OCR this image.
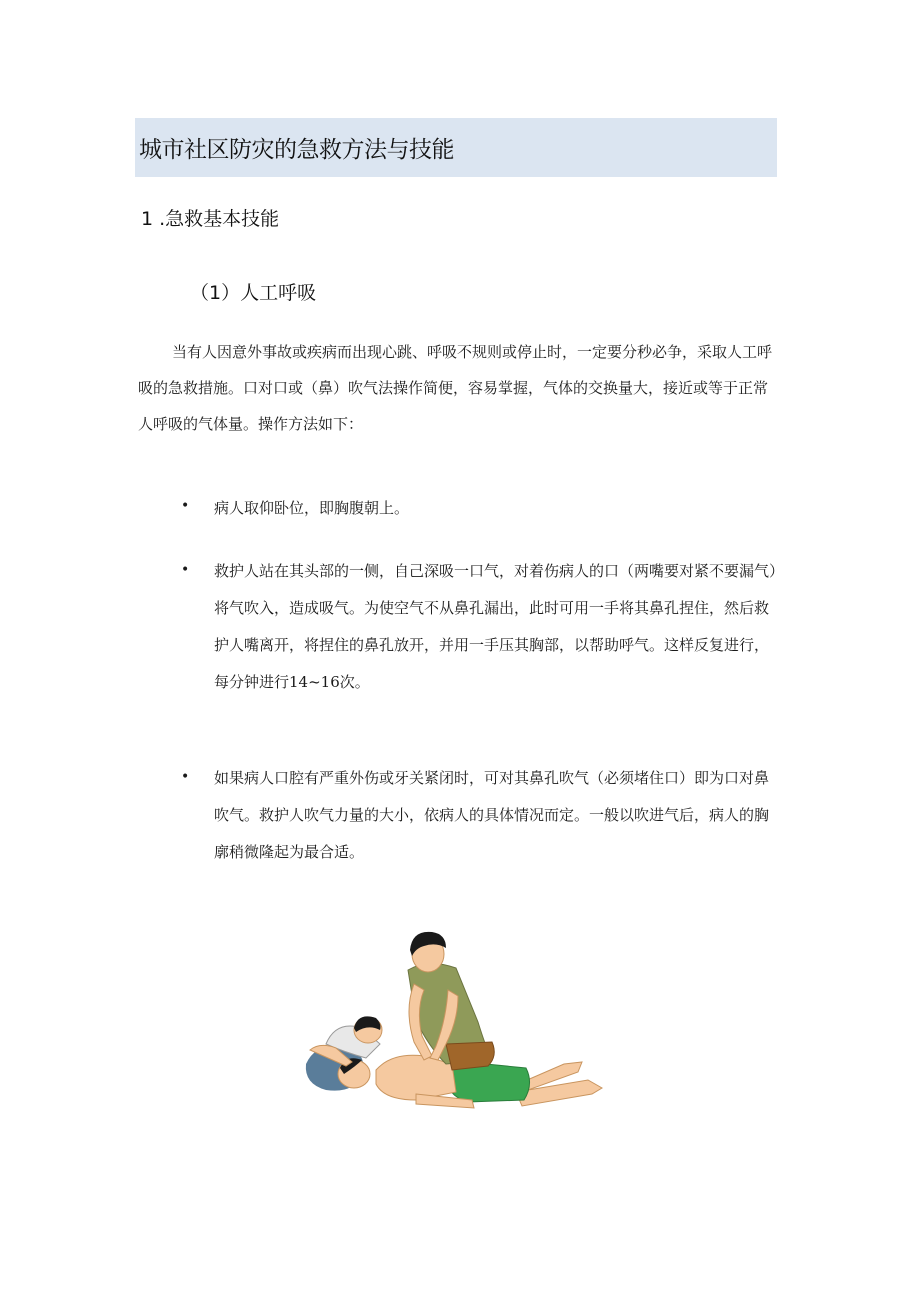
城市社区防灾的急救方法与技能
1 .急救基本技能
（1）人工呼吸

当有人因意外事故或疾病而出现心跳、呼吸不规则或停止时，一定要分秒必争，采取人工呼吸的急救措施。口对口或（鼻）吹气法操作简便，容易掌握，气体的交换量大，接近或等于正常人呼吸的气体量。操作方法如下：

• 病人取仰卧位，即胸腹朝上。

• 救护人站在其头部的一侧，自己深吸一口气，对着伤病人的口（两嘴要对紧不要漏气）将气吹入，造成吸气。为使空气不从鼻孔漏出，此时可用一手将其鼻孔捏住，然后救护人嘴离开，将捏住的鼻孔放开，并用一手压其胸部，以帮助呼气。这样反复进行，每分钟进行14~16次。

• 如果病人口腔有严重外伤或牙关紧闭时，可对其鼻孔吹气（必须堵住口）即为口对鼻吹气。救护人吹气力量的大小，依病人的具体情况而定。一般以吹进气后，病人的胸廓稍微隆起为最合适。
